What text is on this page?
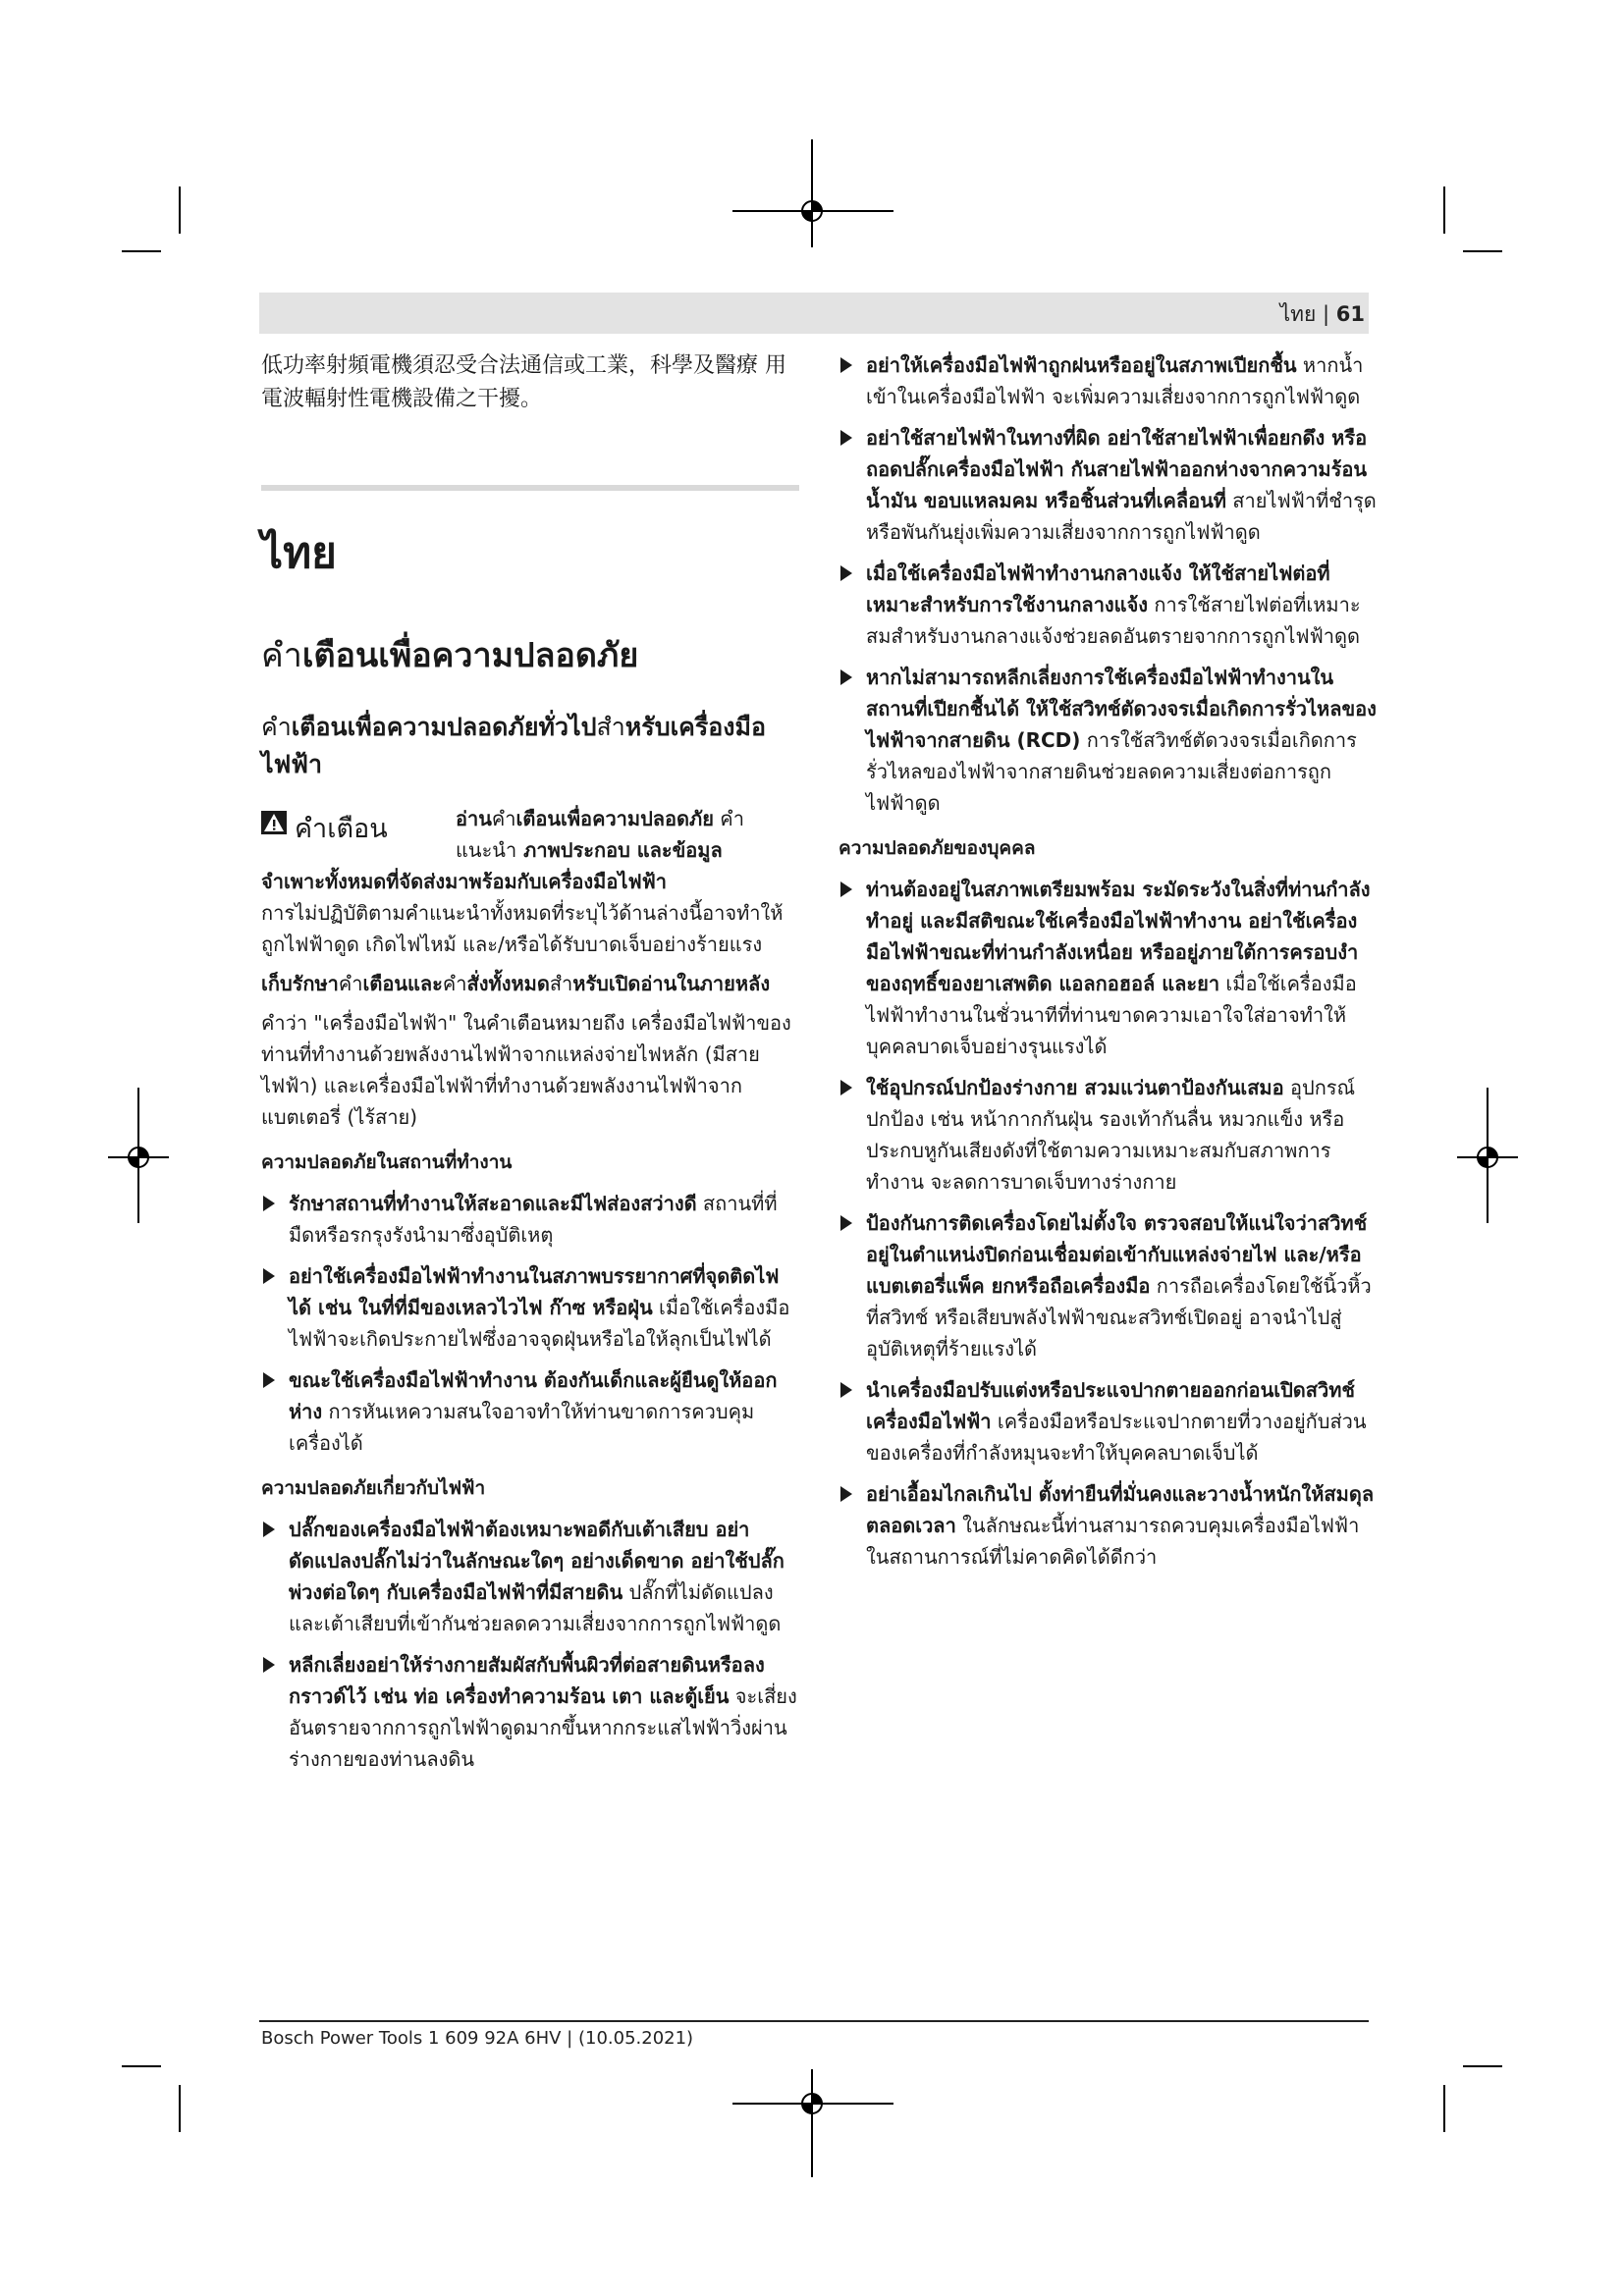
ไทย | 61

低功率射頻電機須忍受合法通信或工業，科學及醫療 用電波輻射性電機設備之干擾。

ไทย
คำเตือนเพื่อความปลอดภัย
คำเตือนเพื่อความปลอดภัยทั่วไปสำหรับเครื่องมือไฟฟ้า
คำเตือน	อ่านคำเตือนเพื่อความปลอดภัย คำ แนะนำ ภาพประกอบ และข้อมูล

จำเพาะทั้งหมดที่จัดส่งมาพร้อมกับเครื่องมือไฟฟ้า

การไม่ปฏิบัติตามคำแนะนำทั้งหมดที่ระบุไว้ด้านล่างนี้อาจทำให้ถูกไฟฟ้าดูด เกิดไฟไหม้ และ/หรือได้รับบาดเจ็บอย่างร้ายแรง

เก็บรักษาคำเตือนและคำสั่งทั้งหมดสำหรับเปิดอ่านในภายหลัง

คำว่า "เครื่องมือไฟฟ้า" ในคำเตือนหมายถึง เครื่องมือไฟฟ้าของท่านที่ทำงานด้วยพลังงานไฟฟ้าจากแหล่งจ่ายไฟหลัก (มีสายไฟฟ้า) และเครื่องมือไฟฟ้าที่ทำงานด้วยพลังงานไฟฟ้าจากแบตเตอรี่ (ไร้สาย)

ความปลอดภัยในสถานที่ทำงาน
รักษาสถานที่ทำงานให้สะอาดและมีไฟส่องสว่างดี สถานที่ที่มืดหรือรกรุงรังนำมาซึ่งอุบัติเหตุ
อย่าใช้เครื่องมือไฟฟ้าทำงานในสภาพบรรยากาศที่จุดติดไฟได้ เช่น ในที่ที่มีของเหลวไวไฟ ก๊าซ หรือฝุ่น เมื่อใช้เครื่องมือไฟฟ้าจะเกิดประกายไฟซึ่งอาจจุดฝุ่นหรือไอให้ลุกเป็นไฟได้
ขณะใช้เครื่องมือไฟฟ้าทำงาน ต้องกันเด็กและผู้ยืนดูให้ออกห่าง การหันเหความสนใจอาจทำให้ท่านขาดการควบคุมเครื่องได้
ความปลอดภัยเกี่ยวกับไฟฟ้า
ปลั๊กของเครื่องมือไฟฟ้าต้องเหมาะพอดีกับเต้าเสียบ อย่าดัดแปลงปลั๊กไม่ว่าในลักษณะใดๆ อย่างเด็ดขาด อย่าใช้ปลั๊กพ่วงต่อใดๆ กับเครื่องมือไฟฟ้าที่มีสายดิน ปลั๊กที่ไม่ดัดแปลงและเต้าเสียบที่เข้ากันช่วยลดความเสี่ยงจากการถูกไฟฟ้าดูด
หลีกเลี่ยงอย่าให้ร่างกายสัมผัสกับพื้นผิวที่ต่อสายดินหรือลงกราวด์ไว้ เช่น ท่อ เครื่องทำความร้อน เตา และตู้เย็น จะเสี่ยงอันตรายจากการถูกไฟฟ้าดูดมากขึ้นหากกระแสไฟฟ้าวิ่งผ่านร่างกายของท่านลงดิน
อย่าให้เครื่องมือไฟฟ้าถูกฝนหรืออยู่ในสภาพเปียกชื้น หากน้ำเข้าในเครื่องมือไฟฟ้า จะเพิ่มความเสี่ยงจากการถูกไฟฟ้าดูด
อย่าใช้สายไฟฟ้าในทางที่ผิด อย่าใช้สายไฟฟ้าเพื่อยกดึง หรือถอดปลั๊กเครื่องมือไฟฟ้า กันสายไฟฟ้าออกห่างจากความร้อน น้ำมัน ขอบแหลมคม หรือชิ้นส่วนที่เคลื่อนที่ สายไฟฟ้าที่ชำรุดหรือพันกันยุ่งเพิ่มความเสี่ยงจากการถูกไฟฟ้าดูด
เมื่อใช้เครื่องมือไฟฟ้าทำงานกลางแจ้ง ให้ใช้สายไฟต่อที่เหมาะสำหรับการใช้งานกลางแจ้ง การใช้สายไฟต่อที่เหมาะสมสำหรับงานกลางแจ้งช่วยลดอันตรายจากการถูกไฟฟ้าดูด
หากไม่สามารถหลีกเลี่ยงการใช้เครื่องมือไฟฟ้าทำงานในสถานที่เปียกชื้นได้ ให้ใช้สวิทช์ตัดวงจรเมื่อเกิดการรั่วไหลของไฟฟ้าจากสายดิน (RCD) การใช้สวิทช์ตัดวงจรเมื่อเกิดการรั่วไหลของไฟฟ้าจากสายดินช่วยลดความเสี่ยงต่อการถูกไฟฟ้าดูด
ความปลอดภัยของบุคคล
ท่านต้องอยู่ในสภาพเตรียมพร้อม ระมัดระวังในสิ่งที่ท่านกำลังทำอยู่ และมีสติขณะใช้เครื่องมือไฟฟ้าทำงาน อย่าใช้เครื่องมือไฟฟ้าขณะที่ท่านกำลังเหนื่อย หรืออยู่ภายใต้การครอบงำของฤทธิ์ของยาเสพติด แอลกอฮอล์ และยา เมื่อใช้เครื่องมือไฟฟ้าทำงานในชั่วนาทีที่ท่านขาดความเอาใจใส่อาจทำให้บุคคลบาดเจ็บอย่างรุนแรงได้
ใช้อุปกรณ์ปกป้องร่างกาย สวมแว่นตาป้องกันเสมอ อุปกรณ์ปกป้อง เช่น หน้ากากกันฝุ่น รองเท้ากันลื่น หมวกแข็ง หรือประกบหูกันเสียงดังที่ใช้ตามความเหมาะสมกับสภาพการทำงาน จะลดการบาดเจ็บทางร่างกาย
ป้องกันการติดเครื่องโดยไม่ตั้งใจ ตรวจสอบให้แน่ใจว่าสวิทช์อยู่ในตำแหน่งปิดก่อนเชื่อมต่อเข้ากับแหล่งจ่ายไฟ และ/หรือแบตเตอรี่แพ็ค ยกหรือถือเครื่องมือ การถือเครื่องโดยใช้นิ้วหิ้วที่สวิทช์ หรือเสียบพลังไฟฟ้าขณะสวิทช์เปิดอยู่ อาจนำไปสู่อุบัติเหตุที่ร้ายแรงได้
นำเครื่องมือปรับแต่งหรือประแจปากตายออกก่อนเปิดสวิทช์เครื่องมือไฟฟ้า เครื่องมือหรือประแจปากตายที่วางอยู่กับส่วนของเครื่องที่กำลังหมุนจะทำให้บุคคลบาดเจ็บได้
อย่าเอื้อมไกลเกินไป ตั้งท่ายืนที่มั่นคงและวางน้ำหนักให้สมดุลตลอดเวลา ในลักษณะนี้ท่านสามารถควบคุมเครื่องมือไฟฟ้าในสถานการณ์ที่ไม่คาดคิดได้ดีกว่า
Bosch Power Tools 1 609 92A 6HV | (10.05.2021)
